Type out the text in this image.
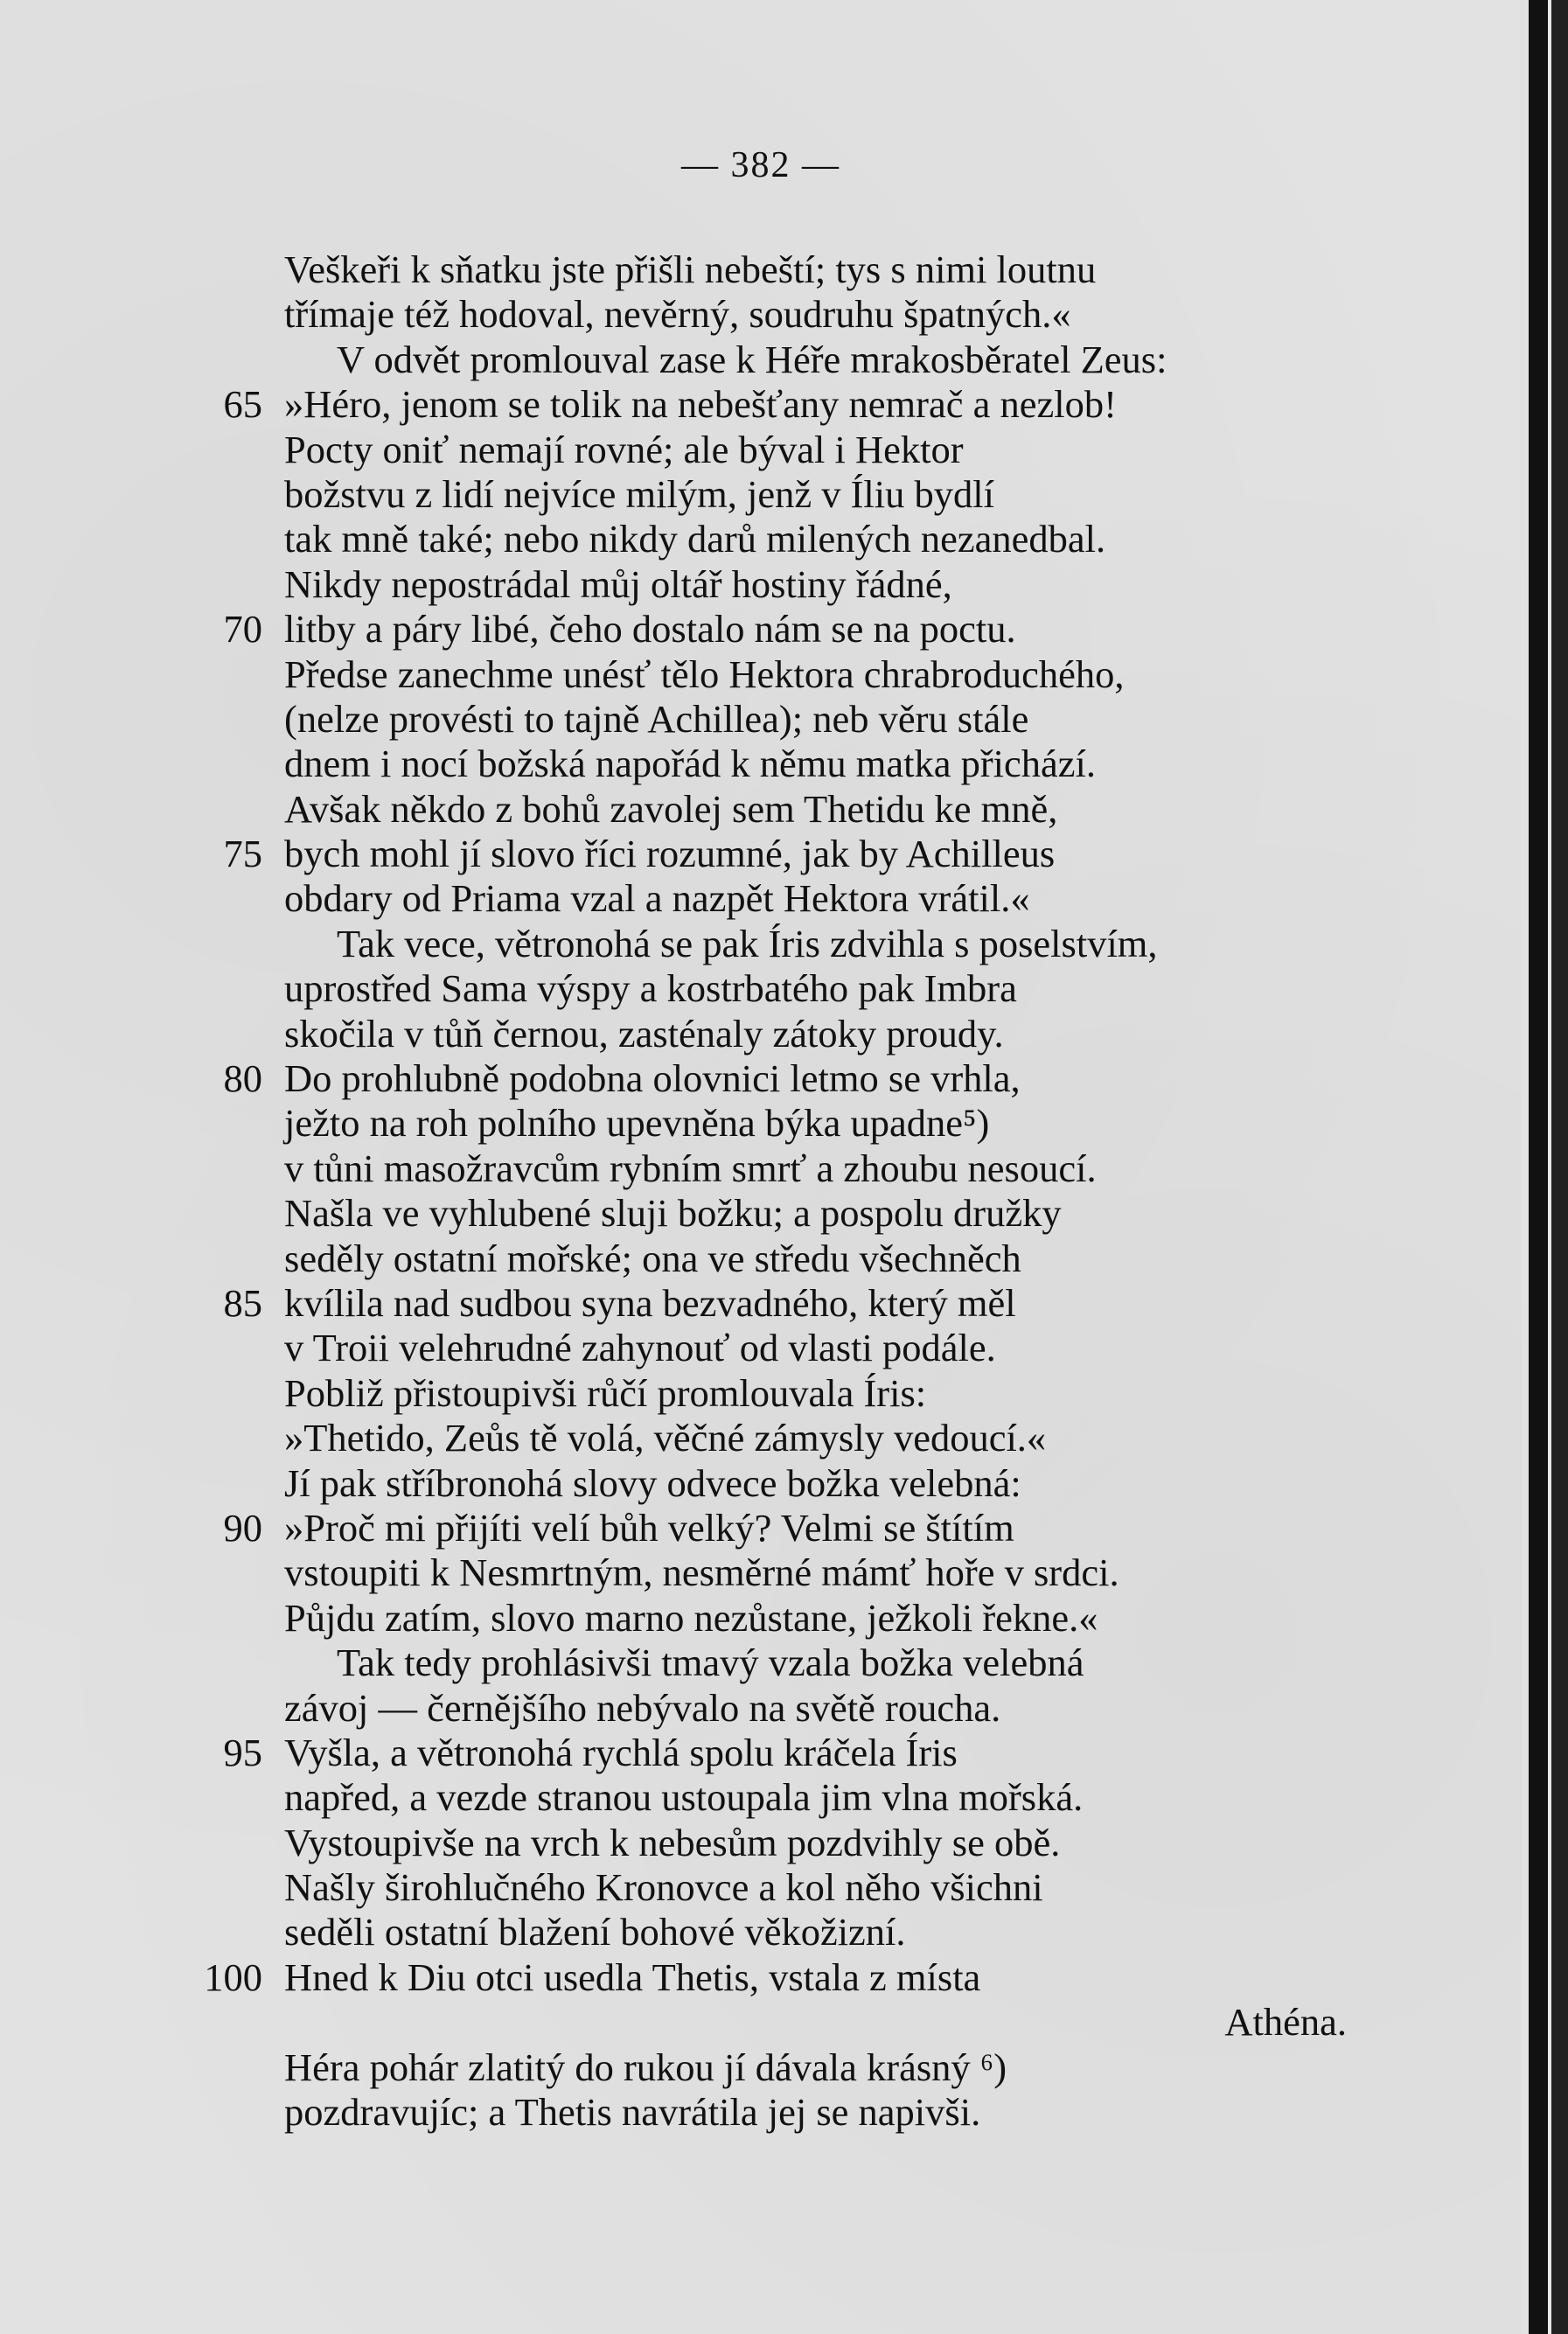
— 382 —
Veškeři k sňatku jste přišli nebeští; tys s nimi loutnu
třímaje též hodoval, nevěrný, soudruhu špatných.«
V odvět promlouval zase k Héře mrakosběratel Zeus:
65 »Héro, jenom se tolik na nebešťany nemrač a nezlob!
Pocty oniť nemají rovné; ale býval i Hektor
božstvu z lidí nejvíce milým, jenž v Íliu bydlí
tak mně také; nebo nikdy darů milených nezanedbal.
Nikdy nepostrádal můj oltář hostiny řádné,
70 litby a páry libé, čeho dostalo nám se na poctu.
Předse zanechme unésť tělo Hektora chrabroduchého,
(nelze provésti to tajně Achillea); neb věru stále
dnem i nocí božská napořád k němu matka přichází.
Avšak někdo z bohů zavolej sem Thetidu ke mně,
75 bych mohl jí slovo říci rozumné, jak by Achilleus
obdary od Priama vzal a nazpět Hektora vrátil.«
Tak vece, větronohá se pak Íris zdvihla s poselstvím,
uprostřed Sama výspy a kostrbatého pak Imbra
skočila v tůň černou, zasténaly zátoky proudy.
80 Do prohlubně podobna olovnici letmo se vrhla,
ježto na roh polního upevněna býka upadne⁵)
v tůni masožravcům rybním smrť a zhoubu nesoucí.
Našla ve vyhlubené sluji božku; a pospolu družky
seděly ostatní mořské; ona ve středu všechněch
85 kvílila nad sudbou syna bezvadného, který měl
v Troii velehrudné zahynouť od vlasti podále.
Pobliž přistoupivši růčí promlouvala Íris:
»Thetido, Zeůs tě volá, věčné zámysly vedoucí.«
Jí pak stříbronohá slovy odvece božka velebná:
90 »Proč mi přijíti velí bůh velký? Velmi se štítím
vstoupiti k Nesmrtným, nesměrné mámť hoře v srdci.
Půjdu zatím, slovo marno nezůstane, ježkoli řekne.«
Tak tedy prohlásivši tmavý vzala božka velebná
závoj — černějšího nebývalo na světě roucha.
95 Vyšla, a větronohá rychlá spolu kráčela Íris
napřed, a vezde stranou ustoupala jim vlna mořská.
Vystoupivše na vrch k nebesům pozdvihly se obě.
Našly širohlučného Kronovce a kol něho všichni
seděli ostatní blažení bohové věkožizní.
100 Hned k Diu otci usedla Thetis, vstala z místa
Athéna.
Héra pohár zlatitý do rukou jí dávala krásný ⁶)
pozdravujíc; a Thetis navrátila jej se napivši.
